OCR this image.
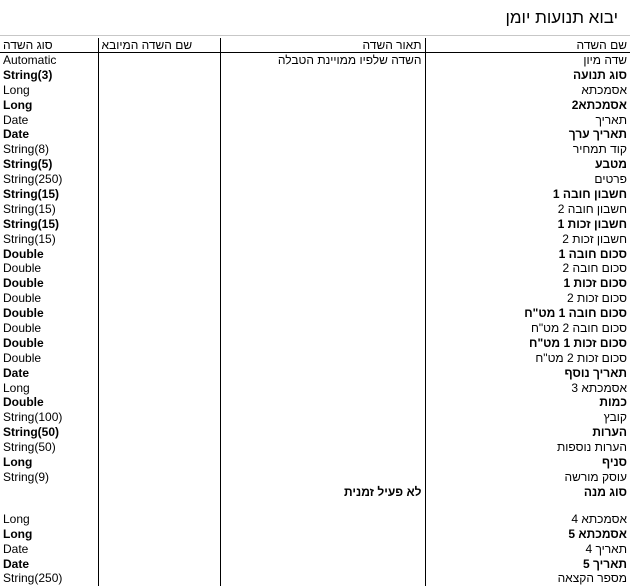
יבוא תנועות יומן
סוג השדה	שם השדה המיובא	תאור השדה	שם השדה
Automatic		השדה שלפיו ממויינת הטבלה	שדה מיון
String(3)			סוג תנועה
Long			אסמכתא
Long			אסמכתא2
Date			תאריך
Date			תאריך ערך
String(8)			קוד תמחיר
String(5)			מטבע
String(250)			פרטים
String(15)			חשבון חובה 1
String(15)			חשבון חובה 2
String(15)			חשבון זכות 1
String(15)			חשבון זכות 2
Double			סכום חובה 1
Double			סכום חובה 2
Double			סכום זכות 1
Double			סכום זכות 2
Double			סכום חובה 1 מט"ח
Double			סכום חובה 2 מט"ח
Double			סכום זכות 1 מט"ח
Double			סכום זכות 2 מט"ח
Date			תאריך נוסף
Long			אסמכתא 3
Double			כמות
String(100)			קובץ
String(50)			הערות
String(50)			הערות נוספות
Long			סניף
String(9)			עוסק מורשה
		לא פעיל זמנית	סוג מנה
Long			אסמכתא 4
Long			אסמכתא 5
Date			תאריך 4
Date			תאריך 5
String(250)			מספר הקצאה
